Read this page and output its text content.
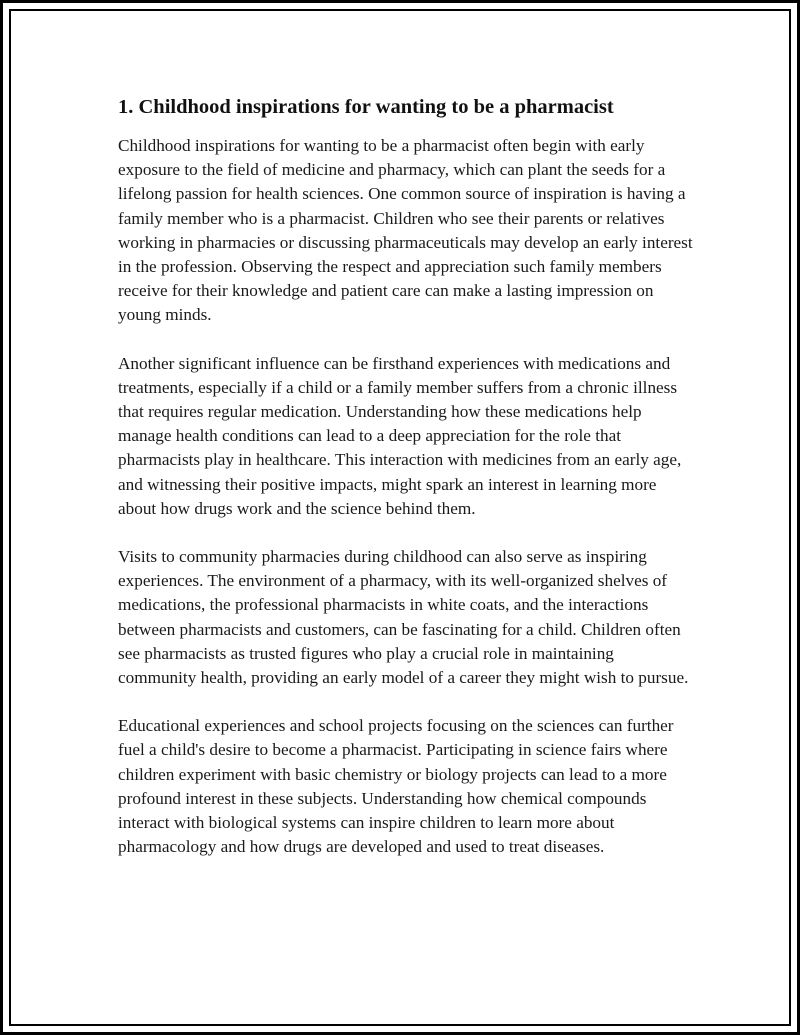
1. Childhood inspirations for wanting to be a pharmacist

Childhood inspirations for wanting to be a pharmacist often begin with early exposure to the field of medicine and pharmacy, which can plant the seeds for a lifelong passion for health sciences. One common source of inspiration is having a family member who is a pharmacist. Children who see their parents or relatives working in pharmacies or discussing pharmaceuticals may develop an early interest in the profession. Observing the respect and appreciation such family members receive for their knowledge and patient care can make a lasting impression on young minds.

Another significant influence can be firsthand experiences with medications and treatments, especially if a child or a family member suffers from a chronic illness that requires regular medication. Understanding how these medications help manage health conditions can lead to a deep appreciation for the role that pharmacists play in healthcare. This interaction with medicines from an early age, and witnessing their positive impacts, might spark an interest in learning more about how drugs work and the science behind them.

Visits to community pharmacies during childhood can also serve as inspiring experiences. The environment of a pharmacy, with its well-organized shelves of medications, the professional pharmacists in white coats, and the interactions between pharmacists and customers, can be fascinating for a child. Children often see pharmacists as trusted figures who play a crucial role in maintaining community health, providing an early model of a career they might wish to pursue.

Educational experiences and school projects focusing on the sciences can further fuel a child's desire to become a pharmacist. Participating in science fairs where children experiment with basic chemistry or biology projects can lead to a more profound interest in these subjects. Understanding how chemical compounds interact with biological systems can inspire children to learn more about pharmacology and how drugs are developed and used to treat diseases.
